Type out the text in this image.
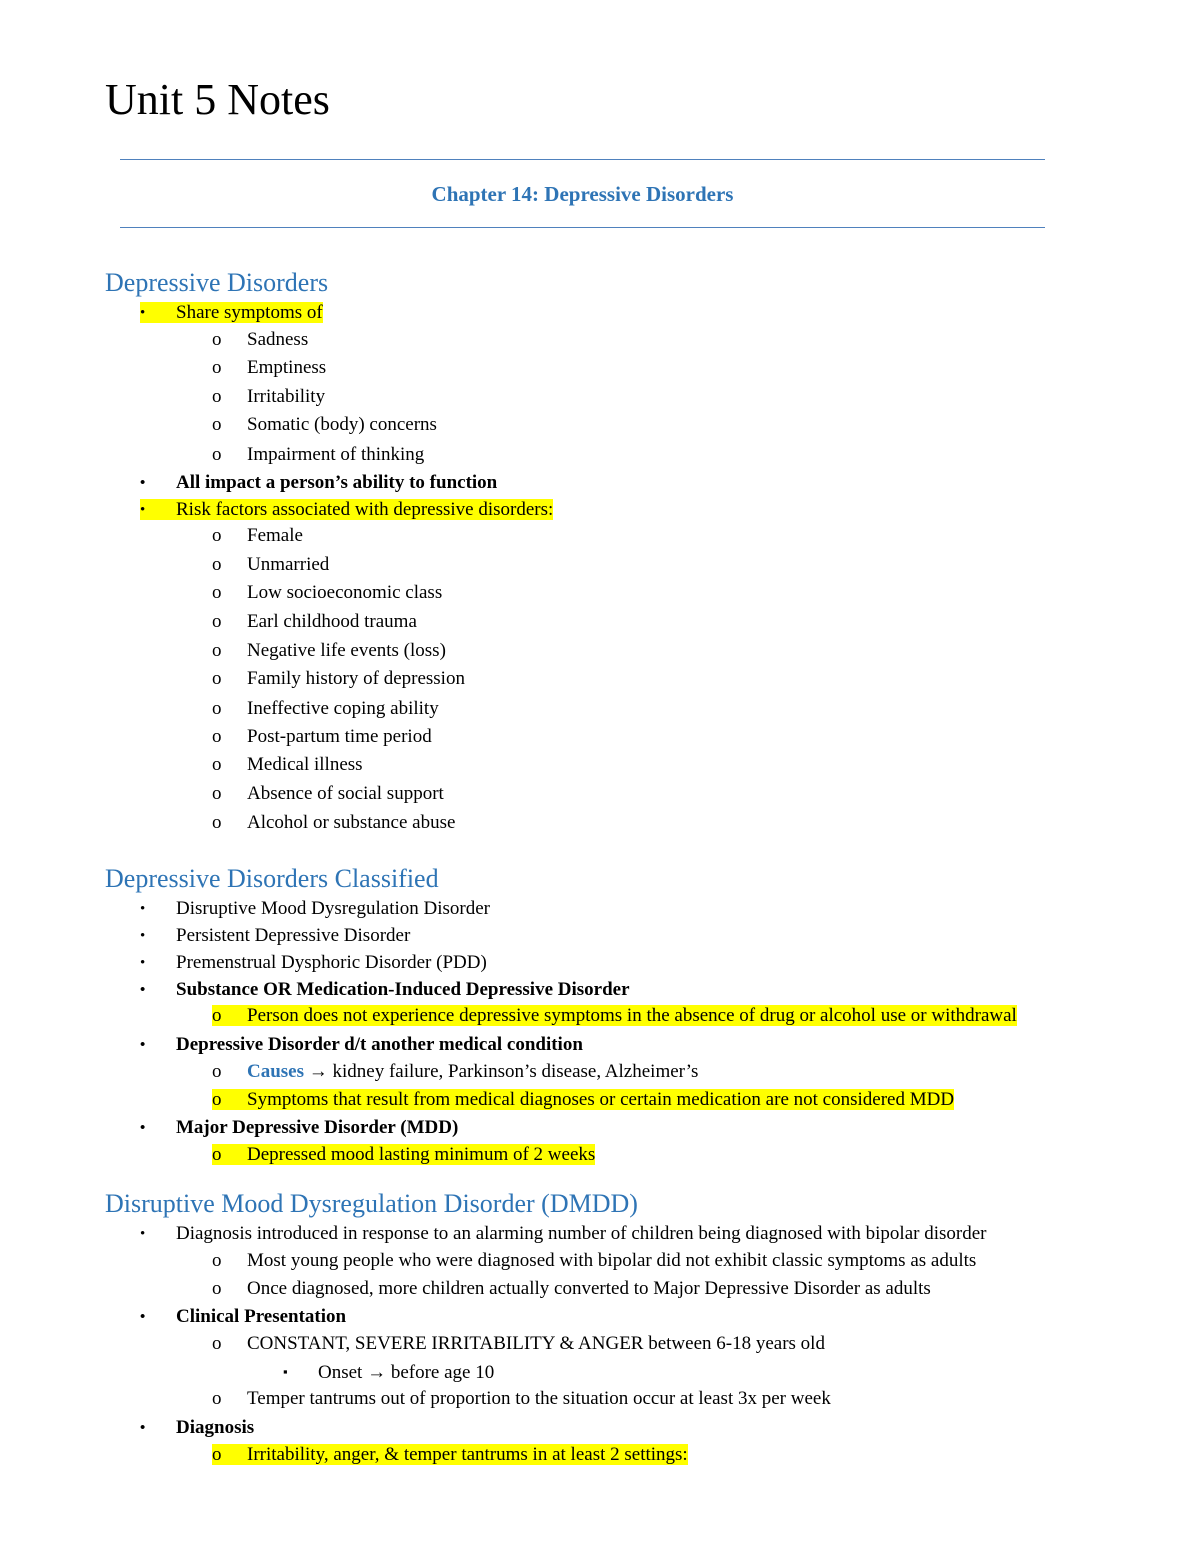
Unit 5 Notes
Chapter 14: Depressive Disorders
Depressive Disorders
• Share symptoms of
o Sadness
o Emptiness
o Irritability
o Somatic (body) concerns
o Impairment of thinking
• All impact a person’s ability to function
• Risk factors associated with depressive disorders:
o Female
o Unmarried
o Low socioeconomic class
o Earl childhood trauma
o Negative life events (loss)
o Family history of depression
o Ineffective coping ability
o Post-partum time period
o Medical illness
o Absence of social support
o Alcohol or substance abuse
Depressive Disorders Classified
• Disruptive Mood Dysregulation Disorder
• Persistent Depressive Disorder
• Premenstrual Dysphoric Disorder (PDD)
• Substance OR Medication-Induced Depressive Disorder
o Person does not experience depressive symptoms in the absence of drug or alcohol use or withdrawal
• Depressive Disorder d/t another medical condition
o Causes → kidney failure, Parkinson’s disease, Alzheimer’s
o Symptoms that result from medical diagnoses or certain medication are not considered MDD
• Major Depressive Disorder (MDD)
o Depressed mood lasting minimum of 2 weeks
Disruptive Mood Dysregulation Disorder (DMDD)
• Diagnosis introduced in response to an alarming number of children being diagnosed with bipolar disorder
o Most young people who were diagnosed with bipolar did not exhibit classic symptoms as adults
o Once diagnosed, more children actually converted to Major Depressive Disorder as adults
• Clinical Presentation
o CONSTANT, SEVERE IRRITABILITY & ANGER between 6-18 years old
▪ Onset → before age 10
o Temper tantrums out of proportion to the situation occur at least 3x per week
• Diagnosis
o Irritability, anger, & temper tantrums in at least 2 settings:
